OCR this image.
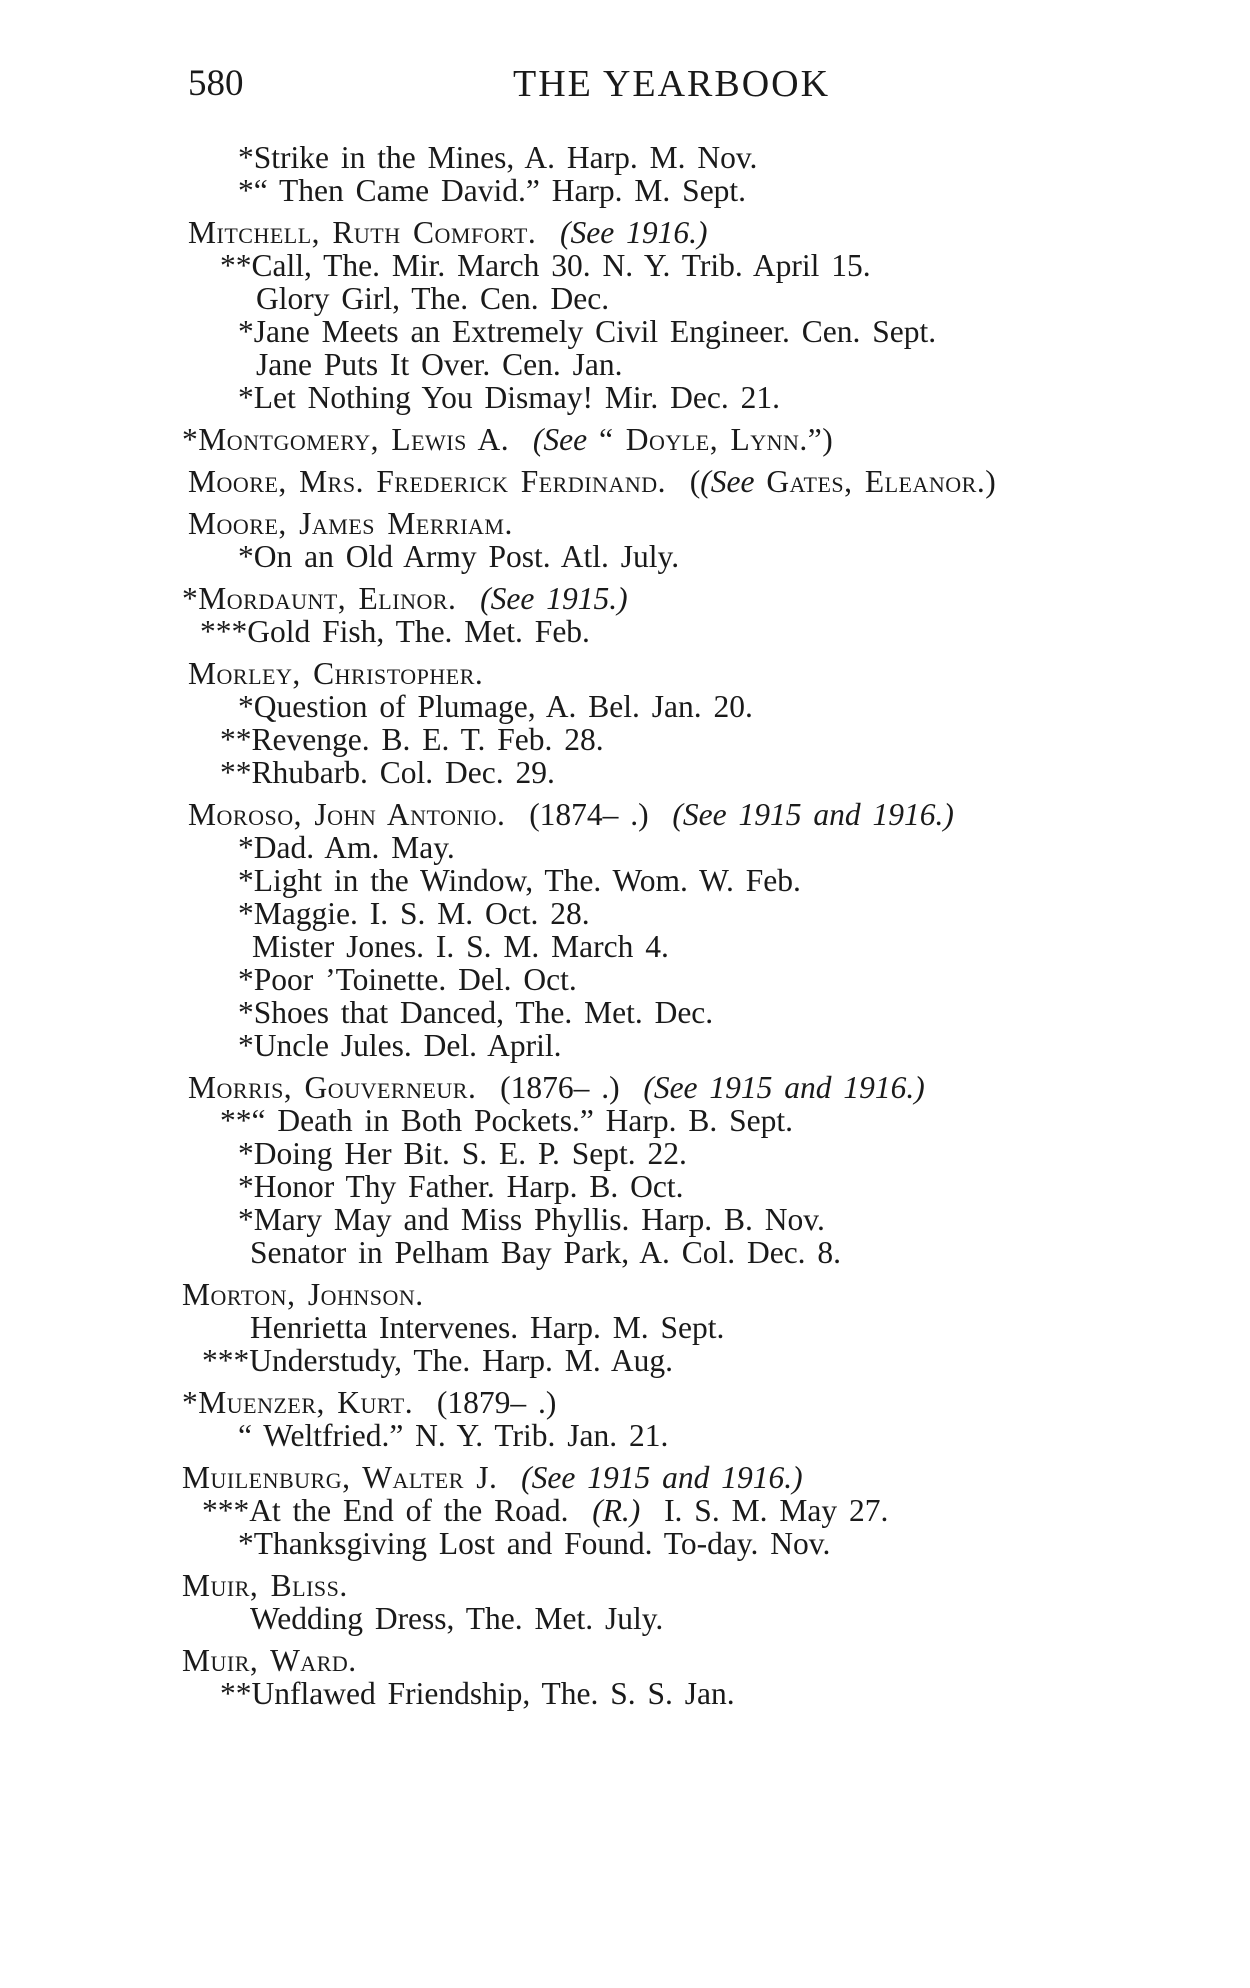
580	THE YEARBOOK
*Strike in the Mines, A. Harp. M. Nov.
*“ Then Came David.” Harp. M. Sept.
Mitchell, Ruth Comfort. (See 1916.)
**Call, The. Mir. March 30. N. Y. Trib. April 15.
Glory Girl, The. Cen. Dec.
*Jane Meets an Extremely Civil Engineer. Cen. Sept.
Jane Puts It Over. Cen. Jan.
*Let Nothing You Dismay! Mir. Dec. 21.
*Montgomery, Lewis A. (See “ Doyle, Lynn.”)
Moore, Mrs. Frederick Ferdinand.  ((See Gates, Eleanor.)
Moore, James Merriam.
*On an Old Army Post. Atl. July.
*Mordaunt, Elinor. (See 1915.)
***Gold Fish, The. Met. Feb.
Morley, Christopher.
*Question of Plumage, A. Bel. Jan. 20.
**Revenge. B. E. T. Feb. 28.
**Rhubarb. Col. Dec. 29.
Moroso, John Antonio. (1874– .) (See 1915 and 1916.)
*Dad. Am. May.
*Light in the Window, The. Wom. W. Feb.
*Maggie. I. S. M. Oct. 28.
Mister Jones. I. S. M. March 4.
*Poor ’Toinette. Del. Oct.
*Shoes that Danced, The. Met. Dec.
*Uncle Jules. Del. April.
Morris, Gouverneur. (1876– .) (See 1915 and 1916.)
**“ Death in Both Pockets.” Harp. B. Sept.
*Doing Her Bit. S. E. P. Sept. 22.
*Honor Thy Father. Harp. B. Oct.
*Mary May and Miss Phyllis. Harp. B. Nov.
Senator in Pelham Bay Park, A. Col. Dec. 8.
Morton, Johnson.
Henrietta Intervenes. Harp. M. Sept.
***Understudy, The. Harp. M. Aug.
*Muenzer, Kurt. (1879– .)
“ Weltfried.” N. Y. Trib. Jan. 21.
Muilenburg, Walter J. (See 1915 and 1916.)
***At the End of the Road. (R.) I. S. M. May 27.
*Thanksgiving Lost and Found. To-day. Nov.
Muir, Bliss.
Wedding Dress, The. Met. July.
Muir, Ward.
**Unflawed Friendship, The. S. S. Jan.
